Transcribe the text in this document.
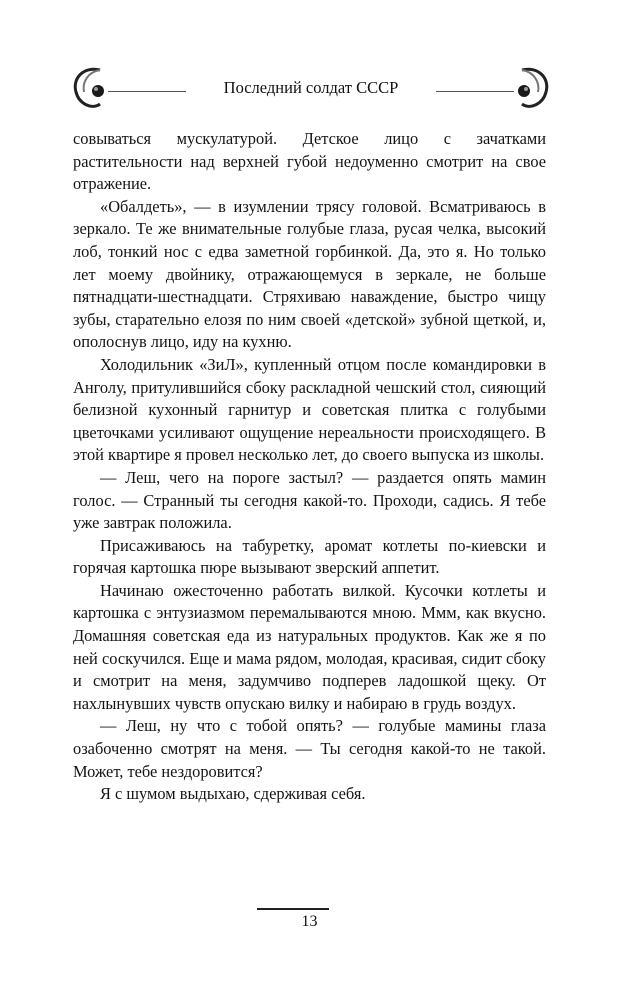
Последний солдат СССР

совываться мускулатурой. Детское лицо с зачатками растительности над верхней губой недоуменно смотрит на свое отражение.

«Обалдеть», — в изумлении трясу головой. Всматриваюсь в зеркало. Те же внимательные голубые глаза, русая челка, высокий лоб, тонкий нос с едва заметной горбинкой. Да, это я. Но только лет моему двойнику, отражающемуся в зеркале, не больше пятнадцати-шестнадцати. Стряхиваю наваждение, быстро чищу зубы, старательно елозя по ним своей «детской» зубной щеткой, и, ополоснув лицо, иду на кухню.

Холодильник «ЗиЛ», купленный отцом после командировки в Анголу, притулившийся сбоку раскладной чешский стол, сияющий белизной кухонный гарнитур и советская плитка с голубыми цветочками усиливают ощущение нереальности происходящего. В этой квартире я провел несколько лет, до своего выпуска из школы.

— Леш, чего на пороге застыл? — раздается опять мамин голос. — Странный ты сегодня какой-то. Проходи, садись. Я тебе уже завтрак положила.

Присаживаюсь на табуретку, аромат котлеты по-киевски и горячая картошка пюре вызывают зверский аппетит.

Начинаю ожесточенно работать вилкой. Кусочки котлеты и картошка с энтузиазмом перемалываются мною. Ммм, как вкусно. Домашняя советская еда из натуральных продуктов. Как же я по ней соскучился. Еще и мама рядом, молодая, красивая, сидит сбоку и смотрит на меня, задумчиво подперев ладошкой щеку. От нахлынувших чувств опускаю вилку и набираю в грудь воздух.

— Леш, ну что с тобой опять? — голубые мамины глаза озабоченно смотрят на меня. — Ты сегодня какой-то не такой. Может, тебе нездоровится?

Я с шумом выдыхаю, сдерживая себя.

13
